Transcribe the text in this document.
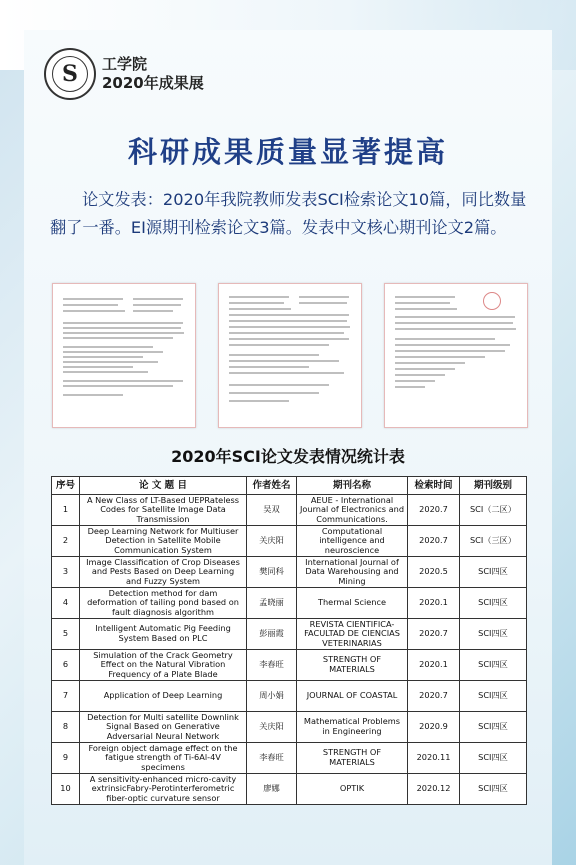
S	工学院
2020年成果展
科研成果质量显著提高
论文发表：2020年我院教师发表SCI检索论文10篇，同比数量翻了一番。EI源期刊检索论文3篇。发表中文核心期刊论文2篇。
2020年SCI论文发表情况统计表
序号	论 文 题 目	作者姓名	期刊名称	检索时间	期刊级别
1	A New Class of LT-Based UEPRateless Codes for Satellite Image Data Transmission	吴双	AEUE - International Journal of Electronics and Communications.	2020.7	SCI（二区）
2	Deep Learning Network for Multiuser Detection in Satellite Mobile Communication System	关庆阳	Computational intelligence and neuroscience	2020.7	SCI（三区）
3	Image Classification of Crop Diseases and Pests Based on Deep Learning and Fuzzy System	樊同科	International Journal of Data Warehousing and Mining	2020.5	SCI四区
4	Detection method for dam deformation of tailing pond based on fault diagnosis algorithm	孟晓丽	Thermal Science	2020.1	SCI四区
5	Intelligent Automatic Pig Feeding System Based on PLC	彭丽霞	REVISTA CIENTIFICA-FACULTAD DE CIENCIAS VETERINARIAS	2020.7	SCI四区
6	Simulation of the Crack Geometry Effect on the Natural Vibration Frequency of a Plate Blade	李春旺	STRENGTH OF MATERIALS	2020.1	SCI四区
7	Application of Deep Learning	周小娟	JOURNAL OF COASTAL	2020.7	SCI四区
8	Detection for Multi satellite Downlink Signal Based on Generative Adversarial Neural Network	关庆阳	Mathematical Problems in Engineering	2020.9	SCI四区
9	Foreign object damage effect on the fatigue strength of Ti-6Al-4V specimens	李春旺	STRENGTH OF MATERIALS	2020.11	SCI四区
10	A sensitivity-enhanced micro-cavity extrinsicFabry-Perotinterferometric fiber-optic curvature sensor	廖娜	OPTIK	2020.12	SCI四区
